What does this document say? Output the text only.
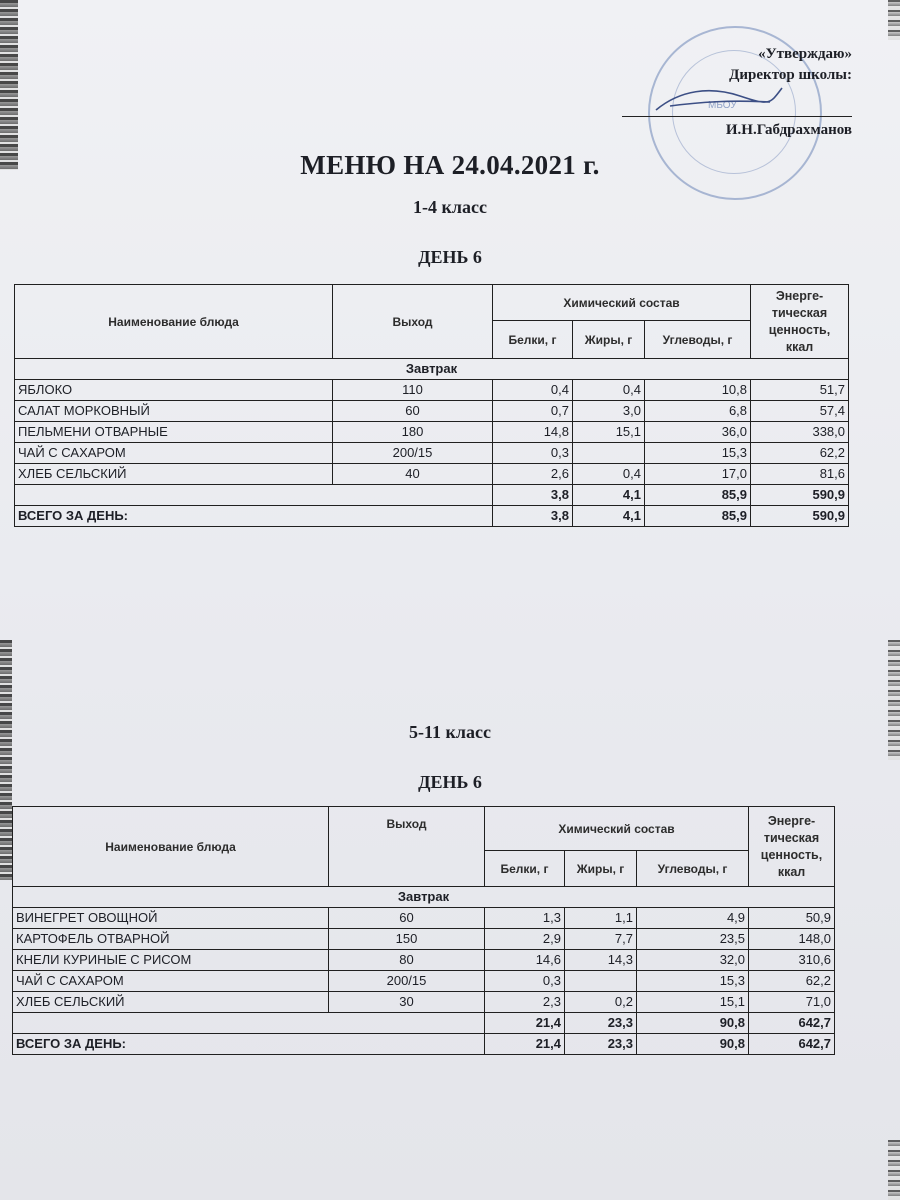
МБОУ
«Утверждаю»
Директор школы:
И.Н.Габдрахманов
МЕНЮ НА 24.04.2021 г.
1-4 класс
ДЕНЬ 6
Наименование блюда	Выход	Химический состав			Энерге-тическая ценность, ккал
		Белки, г	Жиры, г	Углеводы, г	
Завтрак					
ЯБЛОКО	110	0,4	0,4	10,8	51,7
САЛАТ МОРКОВНЫЙ	60	0,7	3,0	6,8	57,4
ПЕЛЬМЕНИ ОТВАРНЫЕ	180	14,8	15,1	36,0	338,0
ЧАЙ С САХАРОМ	200/15	0,3		15,3	62,2
ХЛЕБ СЕЛЬСКИЙ	40	2,6	0,4	17,0	81,6
		3,8	4,1	85,9	590,9
ВСЕГО ЗА ДЕНЬ:		3,8	4,1	85,9	590,9
5-11 класс
ДЕНЬ 6
Наименование блюда	Выход	Химический состав			Энерге-тическая ценность, ккал
		Белки, г	Жиры, г	Углеводы, г	
Завтрак					
ВИНЕГРЕТ ОВОЩНОЙ	60	1,3	1,1	4,9	50,9
КАРТОФЕЛЬ ОТВАРНОЙ	150	2,9	7,7	23,5	148,0
КНЕЛИ КУРИНЫЕ С РИСОМ	80	14,6	14,3	32,0	310,6
ЧАЙ С САХАРОМ	200/15	0,3		15,3	62,2
ХЛЕБ СЕЛЬСКИЙ	30	2,3	0,2	15,1	71,0
		21,4	23,3	90,8	642,7
ВСЕГО ЗА ДЕНЬ:		21,4	23,3	90,8	642,7
